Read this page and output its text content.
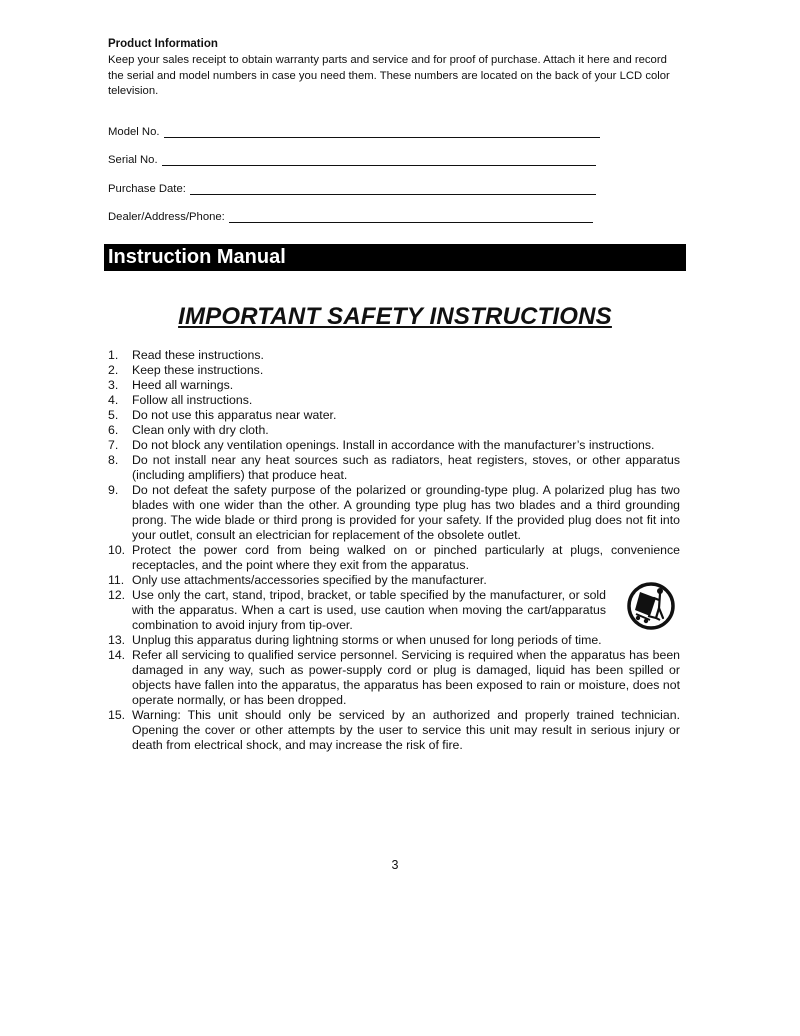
Product Information
Keep your sales receipt to obtain warranty parts and service and for proof of purchase. Attach it here and record the serial and model numbers in case you need them. These numbers are located on the back of your LCD color television.
Model No.
Serial No.
Purchase Date:
Dealer/Address/Phone:
Instruction Manual
IMPORTANT SAFETY INSTRUCTIONS
1.	Read these instructions.
2.	Keep these instructions.
3.	Heed all warnings.
4.	Follow all instructions.
5.	Do not use this apparatus near water.
6.	Clean only with dry cloth.
7.	Do not block any ventilation openings. Install in accordance with the manufacturer’s instructions.
8.	Do not install near any heat sources such as radiators, heat registers, stoves, or other apparatus (including amplifiers) that produce heat.
9.	Do not defeat the safety purpose of the polarized or grounding-type plug. A polarized plug has two blades with one wider than the other. A grounding type plug has two blades and a third grounding prong. The wide blade or third prong is provided for your safety. If the provided plug does not fit into your outlet, consult an electrician for replacement of the obsolete outlet.
10. Protect the power cord from being walked on or pinched particularly at plugs, convenience receptacles, and the point where they exit from the apparatus.
11. Only use attachments/accessories specified by the manufacturer.
12. Use only the cart, stand, tripod, bracket, or table specified by the manufacturer, or sold with the apparatus. When a cart is used, use caution when moving the cart/apparatus combination to avoid injury from tip-over.
13. Unplug this apparatus during lightning storms or when unused for long periods of time.
14. Refer all servicing to qualified service personnel. Servicing is required when the apparatus has been damaged in any way, such as power-supply cord or plug is damaged, liquid has been spilled or objects have fallen into the apparatus, the apparatus has been exposed to rain or moisture, does not operate normally, or has been dropped.
15. Warning: This unit should only be serviced by an authorized and properly trained technician. Opening the cover or other attempts by the user to service this unit may result in serious injury or death from electrical shock, and may increase the risk of fire.
3
